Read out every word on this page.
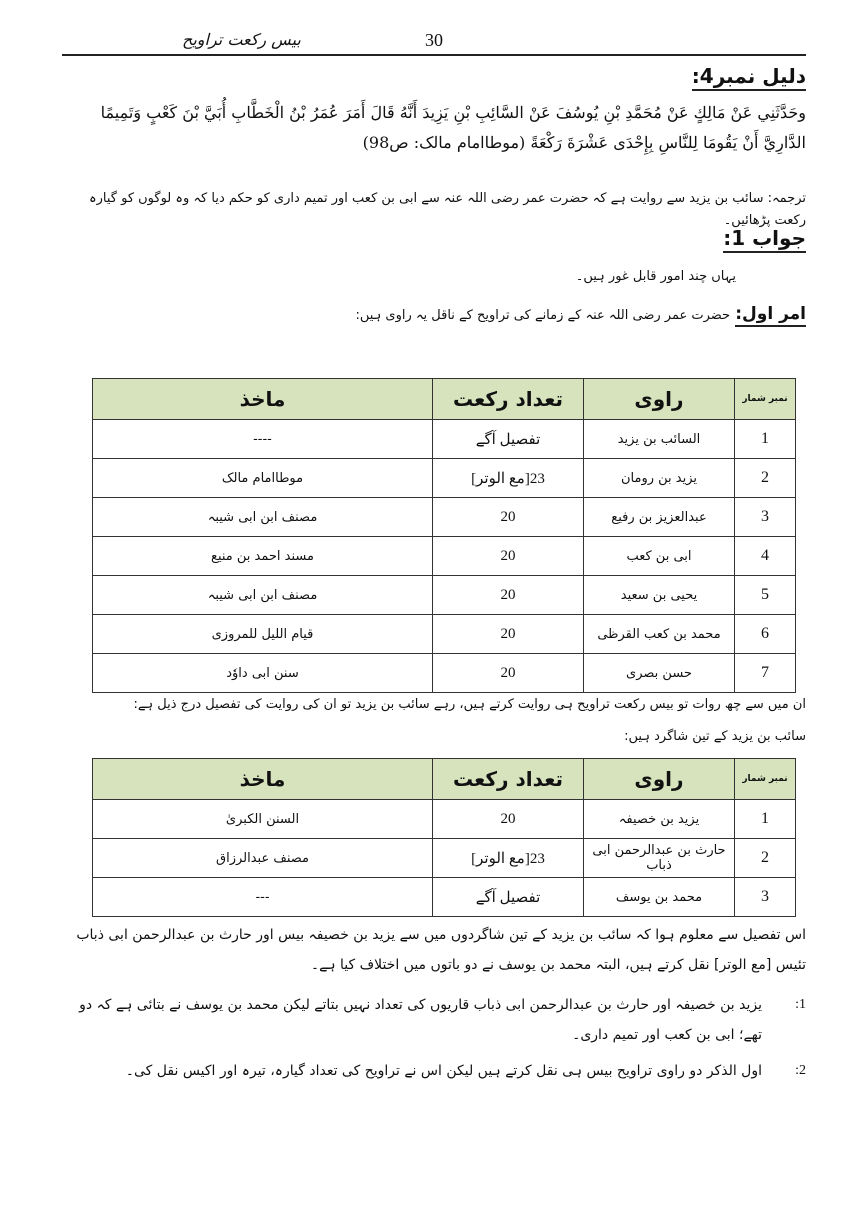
بیس رکعت تراویح	30
دلیل نمبر4:
وحَدَّثَنِي عَنْ مَالِكٍ عَنْ مُحَمَّدِ بْنِ يُوسُفَ عَنْ السَّائِبِ بْنِ يَزِيدَ أَنَّهُ قَالَ أَمَرَ عُمَرُ بْنُ الْخَطَّابِ أُبَيَّ بْنَ كَعْبٍ وَتَمِيمًا الدَّارِيَّ أَنْ يَقُومَا لِلنَّاسِ بِإِحْدَى عَشْرَةَ رَكْعَةً (موطاامام مالک: ص98)
ترجمہ: سائب بن یزید سے روایت ہے کہ حضرت عمر رضی اللہ عنہ سے ابی بن کعب اور تمیم داری کو حکم دیا کہ وہ لوگوں کو گیارہ رکعت پڑھائیں۔
جواب 1:
یہاں چند امور قابل غور ہیں۔
امر اول: حضرت عمر رضی اللہ عنہ کے زمانے کی تراویح کے ناقل یہ راوی ہیں:
نمبر شمار	راوی	تعداد رکعت	ماخذ
1	السائب بن یزید	تفصیل آگے	----
2	یزید بن رومان	23[مع الوتر]	موطاامام مالک
3	عبدالعزیز بن رفیع	20	مصنف ابن ابی شیبہ
4	ابی بن کعب	20	مسند احمد بن منیع
5	یحیی بن سعید	20	مصنف ابن ابی شیبہ
6	محمد بن کعب القرظی	20	قیام اللیل للمروزی
7	حسن بصری	20	سنن ابی داوٗد
ان میں سے چھ روات تو بیس رکعت تراویح ہی روایت کرتے ہیں، رہے سائب بن یزید تو ان کی روایت کی تفصیل درج ذیل ہے:
سائب بن یزید کے تین شاگرد ہیں:
نمبر شمار	راوی	تعداد رکعت	ماخذ
1	یزید بن خصیفہ	20	السنن الکبریٰ
2	حارث بن عبدالرحمن ابی ذباب	23[مع الوتر]	مصنف عبدالرزاق
3	محمد بن یوسف	تفصیل آگے	---
اس تفصیل سے معلوم ہوا کہ سائب بن یزید کے تین شاگردوں میں سے یزید بن خصیفہ بیس اور حارث بن عبدالرحمن ابی ذباب تئیس [مع الوتر] نقل کرتے ہیں، البتہ محمد بن یوسف نے دو باتوں میں اختلاف کیا ہے۔
1:
یزید بن خصیفہ اور حارث بن عبدالرحمن ابی ذباب قاریوں کی تعداد نہیں بتاتے لیکن محمد بن یوسف نے بتائی ہے کہ دو تھے؛ ابی بن کعب اور تمیم داری۔
2:
اول الذکر دو راوی تراویح بیس ہی نقل کرتے ہیں لیکن اس نے تراویح کی تعداد گیارہ، تیرہ اور اکیس نقل کی۔
